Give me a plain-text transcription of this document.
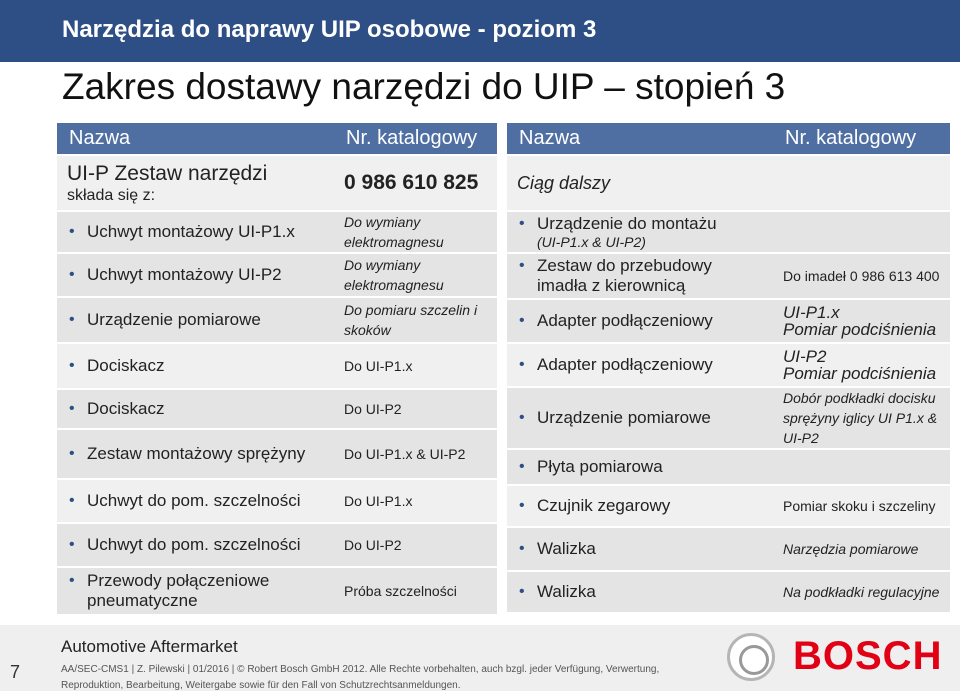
Narzędzia do naprawy UIP osobowe - poziom 3
Zakres dostawy narzędzi do UIP – stopień 3
Nazwa	Nr. katalogowy

UI-P Zestaw narzędzi
składa się z:	0 986 610 825

• Uchwyt montażowy UI-P1.x	Do wymiany elektromagnesu

• Uchwyt montażowy UI-P2	Do wymiany elektromagnesu

• Urządzenie pomiarowe	Do pomiaru szczelin i skoków

• Dociskacz	Do UI-P1.x

• Dociskacz	Do UI-P2

• Zestaw montażowy sprężyny	Do UI-P1.x & UI-P2

• Uchwyt do pom. szczelności	Do UI-P1.x

• Uchwyt do pom. szczelności	Do UI-P2

• Przewody połączeniowe pneumatyczne	Próba szczelności
Nazwa	Nr. katalogowy
Ciąg dalszy	

• Urządzenie do montażu
(UI-P1.x & UI-P2)

• Zestaw do przebudowy imadła z kierownicą	Do imadeł 0 986 613 400

• Adapter podłączeniowy	UI-P1.x
Pomiar podciśnienia

• Adapter podłączeniowy	UI-P2
Pomiar podciśnienia

• Urządzenie pomiarowe	Dobór podkładki docisku sprężyny iglicy UI P1.x & UI-P2

• Płyta pomiarowa

• Czujnik zegarowy	Pomiar skoku i szczeliny

• Walizka	Narzędzia pomiarowe

• Walizka	Na podkładki regulacyjne
7
Automotive Aftermarket
AA/SEC-CMS1 | Z. Pilewski | 01/2016 | © Robert Bosch GmbH 2012. Alle Rechte vorbehalten, auch bzgl. jeder Verfügung, Verwertung, Reproduktion, Bearbeitung, Weitergabe sowie für den Fall von Schutzrechtsanmeldungen.
BOSCH
